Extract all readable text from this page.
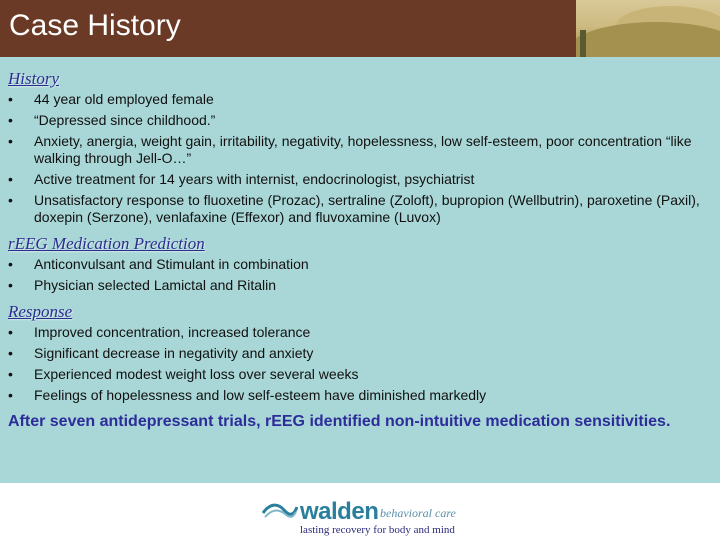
Case History

History

• 44 year old employed female
• “Depressed since childhood.”
• Anxiety, anergia, weight gain, irritability, negativity, hopelessness, low self-esteem, poor concentration “like walking through Jell-O…”
• Active treatment for 14 years with internist, endocrinologist, psychiatrist
• Unsatisfactory response to fluoxetine (Prozac), sertraline (Zoloft), bupropion (Wellbutrin), paroxetine (Paxil), doxepin (Serzone), venlafaxine (Effexor) and fluvoxamine (Luvox)

rEEG Medication Prediction

• Anticonvulsant and Stimulant in combination
• Physician selected Lamictal and Ritalin

Response

• Improved concentration, increased tolerance
• Significant decrease in negativity and anxiety
• Experienced modest weight loss over several weeks
• Feelings of hopelessness and low self-esteem have diminished markedly
After seven antidepressant trials, rEEG identified non-intuitive medication sensitivities.
walden behavioral care
lasting recovery for body and mind
